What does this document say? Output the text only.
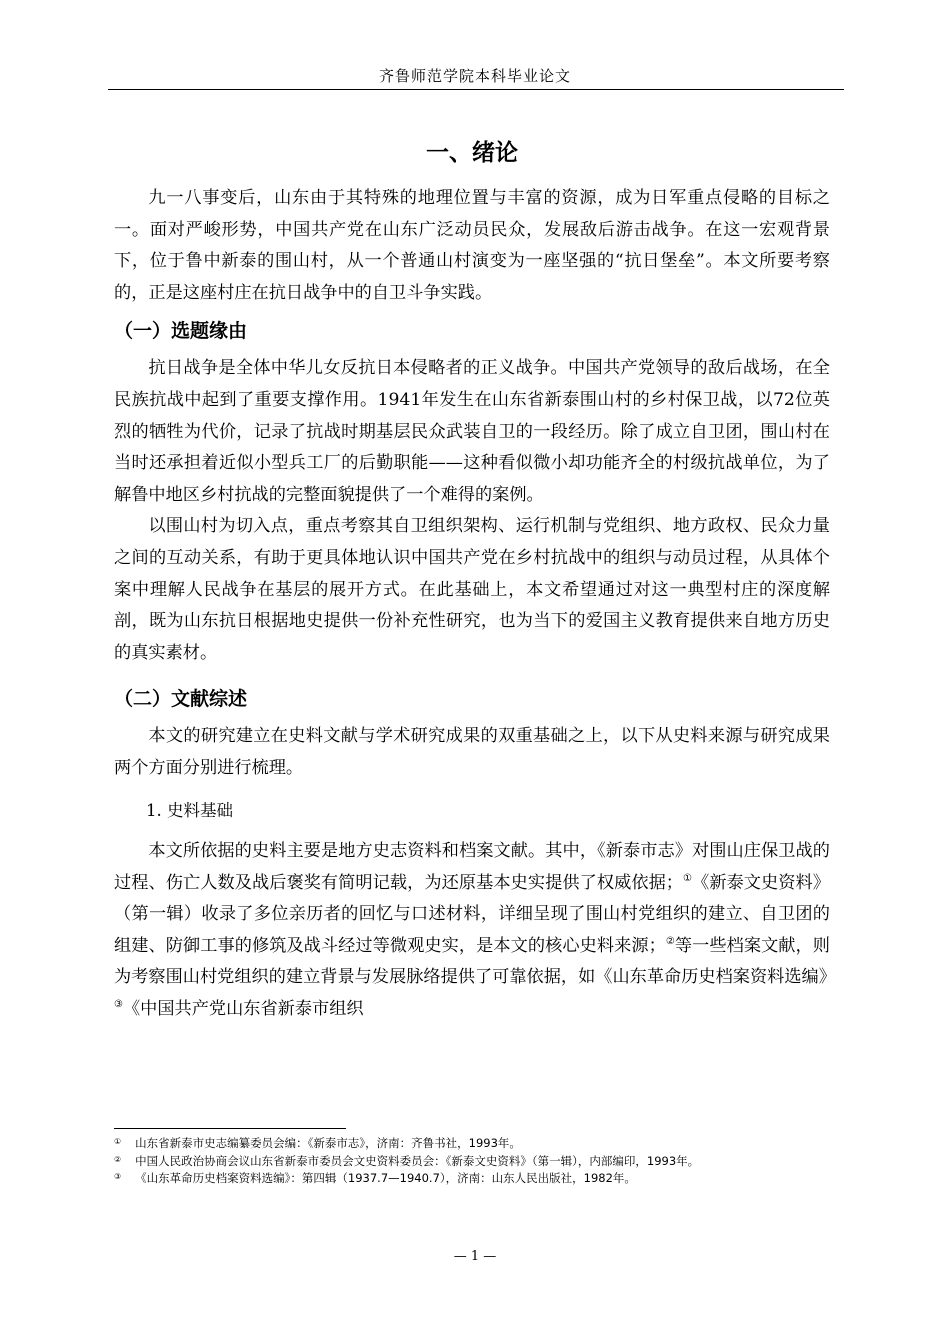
齐鲁师范学院本科毕业论文
一、绪论

九一八事变后，山东由于其特殊的地理位置与丰富的资源，成为日军重点侵略的目标之一。面对严峻形势，中国共产党在山东广泛动员民众，发展敌后游击战争。在这一宏观背景下，位于鲁中新泰的围山村，从一个普通山村演变为一座坚强的“抗日堡垒”。本文所要考察的，正是这座村庄在抗日战争中的自卫斗争实践。

（一）选题缘由

抗日战争是全体中华儿女反抗日本侵略者的正义战争。中国共产党领导的敌后战场，在全民族抗战中起到了重要支撑作用。1941年发生在山东省新泰围山村的乡村保卫战，以72位英烈的牺牲为代价，记录了抗战时期基层民众武装自卫的一段经历。除了成立自卫团，围山村在当时还承担着近似小型兵工厂的后勤职能——这种看似微小却功能齐全的村级抗战单位，为了解鲁中地区乡村抗战的完整面貌提供了一个难得的案例。

以围山村为切入点，重点考察其自卫组织架构、运行机制与党组织、地方政权、民众力量之间的互动关系，有助于更具体地认识中国共产党在乡村抗战中的组织与动员过程，从具体个案中理解人民战争在基层的展开方式。在此基础上，本文希望通过对这一典型村庄的深度解剖，既为山东抗日根据地史提供一份补充性研究，也为当下的爱国主义教育提供来自地方历史的真实素材。

（二）文献综述

本文的研究建立在史料文献与学术研究成果的双重基础之上，以下从史料来源与研究成果两个方面分别进行梳理。

1. 史料基础

本文所依据的史料主要是地方史志资料和档案文献。其中，《新泰市志》对围山庄保卫战的过程、伤亡人数及战后褒奖有简明记载，为还原基本史实提供了权威依据；①《新泰文史资料》（第一辑）收录了多位亲历者的回忆与口述材料，详细呈现了围山村党组织的建立、自卫团的组建、防御工事的修筑及战斗经过等微观史实，是本文的核心史料来源；②等一些档案文献，则为考察围山村党组织的建立背景与发展脉络提供了可靠依据，如《山东革命历史档案资料选编》③《中国共产党山东省新泰市组织

① 山东省新泰市史志编纂委员会编：《新泰市志》，济南：齐鲁书社，1993年。

② 中国人民政治协商会议山东省新泰市委员会文史资料委员会：《新泰文史资料》（第一辑），内部编印，1993年。

③ 《山东革命历史档案资料选编》：第四辑（1937.7—1940.7），济南：山东人民出版社，1982年。

— 1 —
